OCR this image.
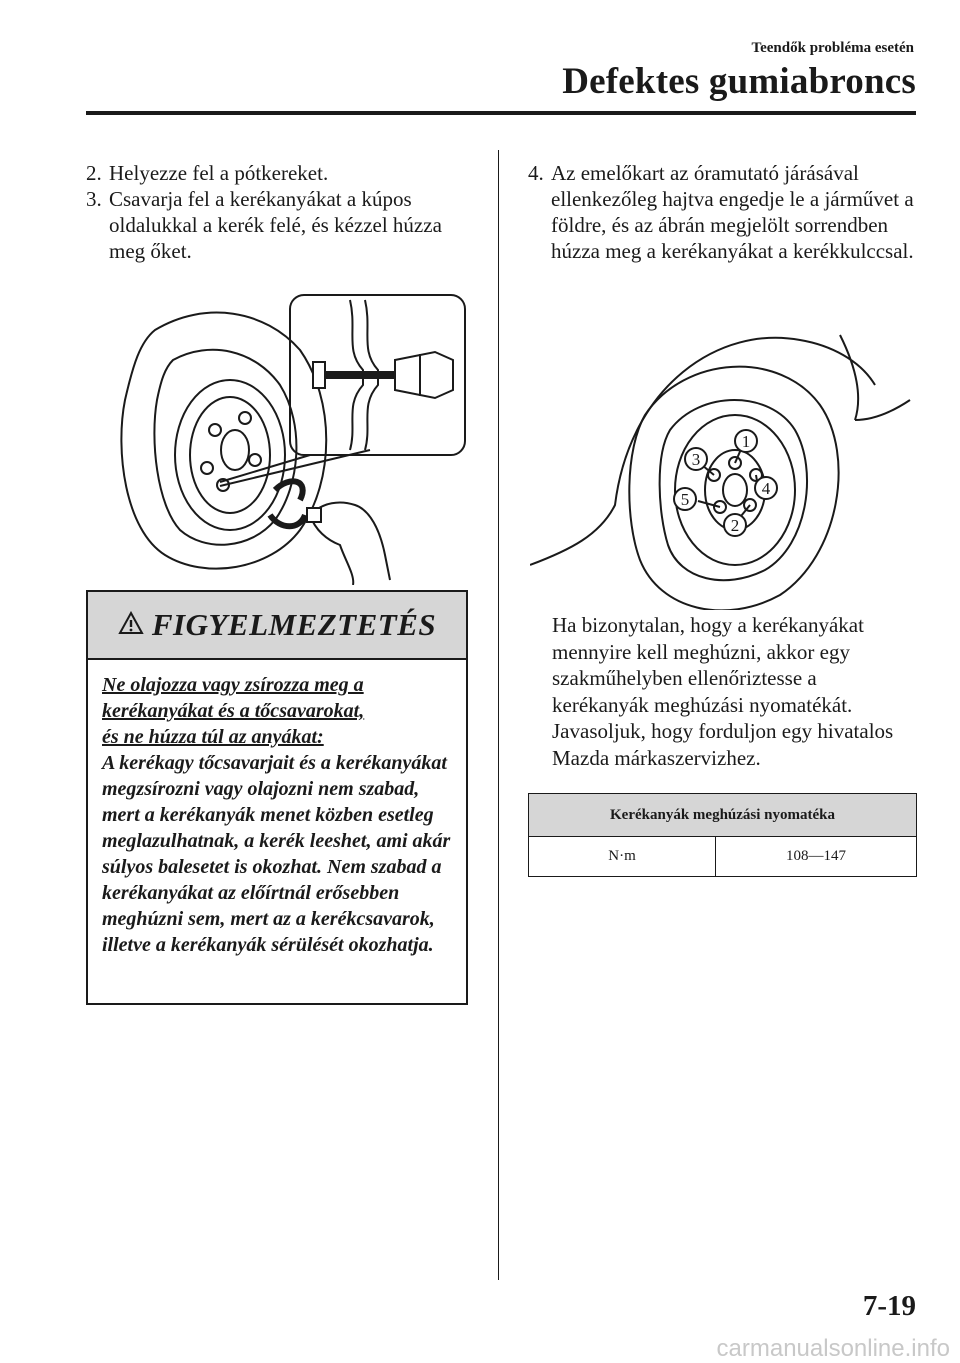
Teendők probléma esetén
Defektes gumiabroncs
2. Helyezze fel a pótkereket.
3. Csavarja fel a kerékanyákat a kúpos oldalukkal a kerék felé, és kézzel húzza meg őket.
FIGYELMEZTETÉS
Ne olajozza vagy zsírozza meg a
kerékanyákat és a tőcsavarokat,
és ne húzza túl az anyákat:
A kerékagy tőcsavarjait és a kerékanyákat megzsírozni vagy olajozni nem szabad, mert a kerékanyák menet közben esetleg meglazulhatnak, a kerék leeshet, ami akár súlyos balesetet is okozhat. Nem szabad a kerékanyákat az előírtnál erősebben meghúzni sem, mert az a kerékcsavarok, illetve a kerékanyák sérülését okozhatja.
4. Az emelőkart az óramutató járásával ellenkezőleg hajtva engedje le a járművet a földre, és az ábrán megjelölt sorrendben húzza meg a kerékanyákat a kerékkulccsal.
1
2
3
4
5
Ha bizonytalan, hogy a kerékanyákat mennyire kell meghúzni, akkor egy szakműhelyben ellenőriztesse a kerékanyák meghúzási nyomatékát. Javasoljuk, hogy forduljon egy hivatalos Mazda márkaszervizhez.
Kerékanyák meghúzási nyomatéka
N·m	108—147
7-19
carmanualsonline.info
